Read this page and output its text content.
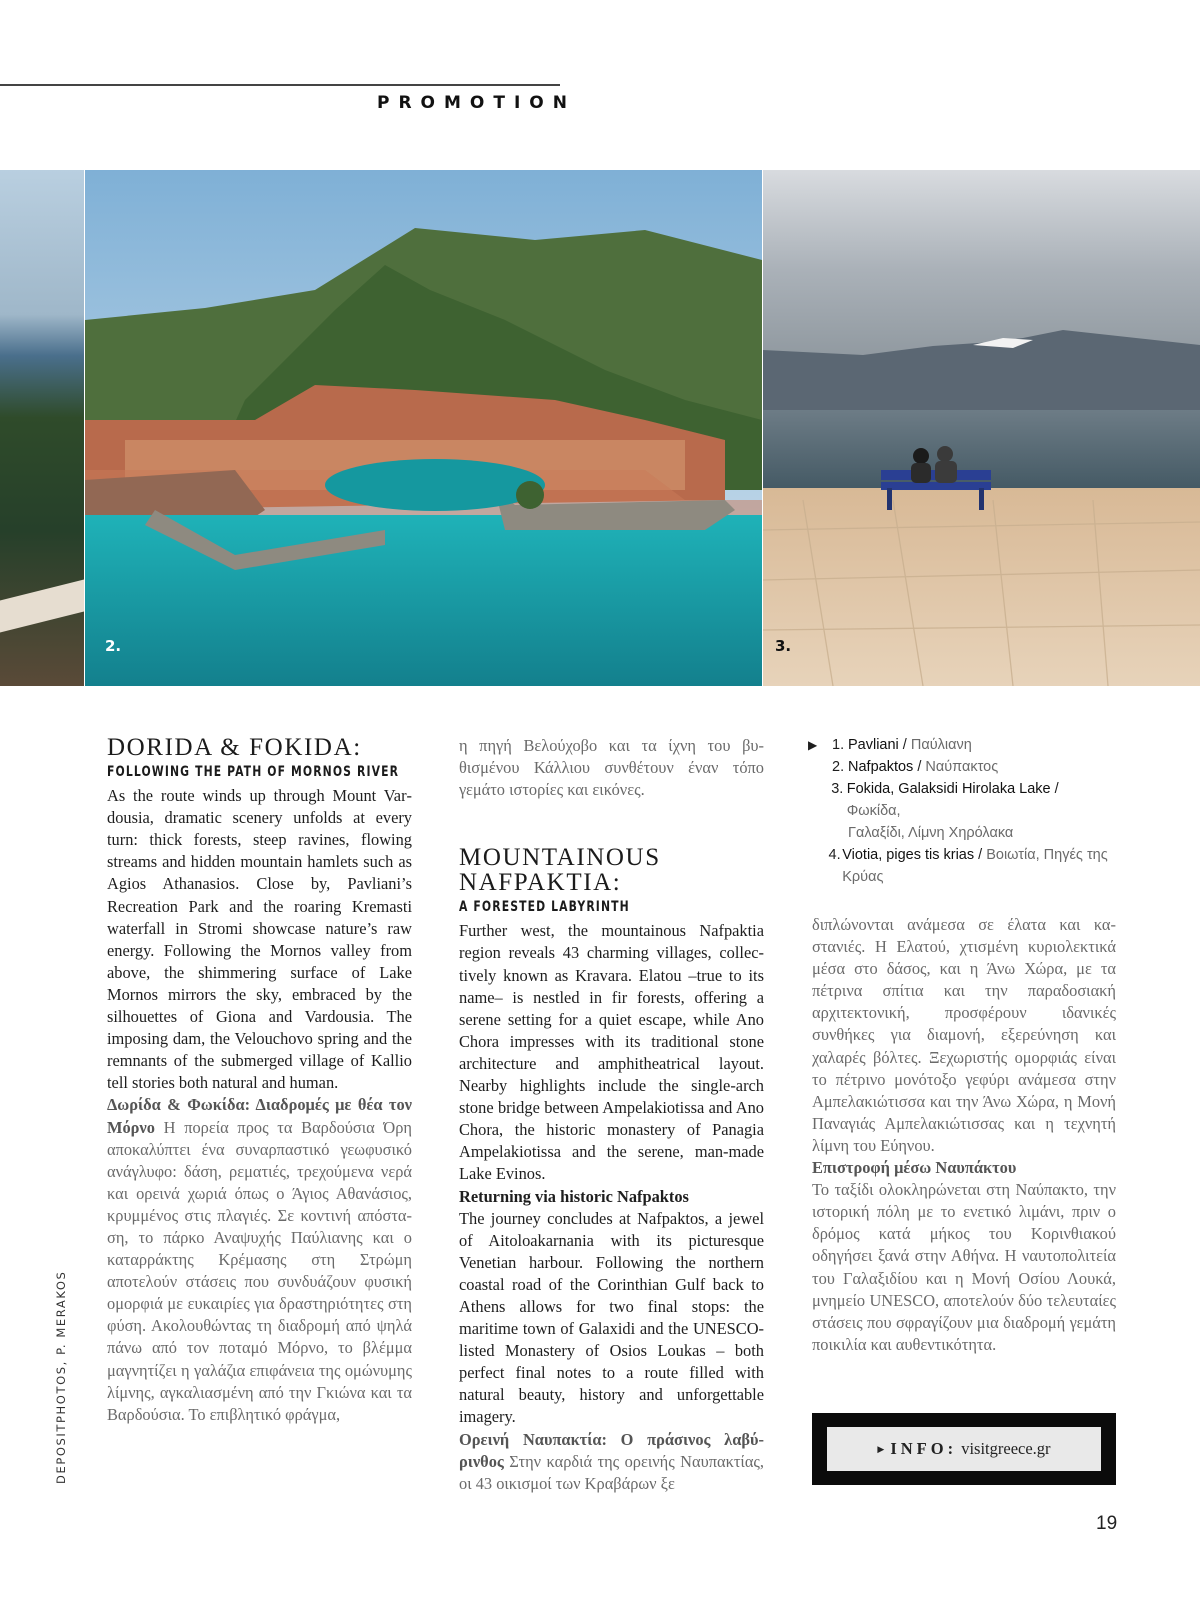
PROMOTION
2.	3.
DORIDA & FOKIDA:
FOLLOWING THE PATH OF MORNOS RIVER

As the route winds up through Mount Vardousia, dramatic scenery unfolds at every turn: thick forests, steep ravines, flowing streams and hidden mountain hamlets such as Agios Athanasios. Close by, Pavliani’s Recreation Park and the roaring Kremasti waterfall in Stromi showcase nature’s raw energy. Following the Mornos valley from above, the shimmering surface of Lake Mornos mirrors the sky, embraced by the silhouettes of Giona and Vardousia. The imposing dam, the Velouchovo spring and the remnants of the submerged village of Kallio tell stories both natural and human.

Δωρίδα & Φωκίδα: Διαδρομές με θέα τον Μόρνο Η πορεία προς τα Βαρδούσια Όρη αποκαλύπτει ένα συναρπαστικό γεωφυσικό ανάγλυφο: δάση, ρεματιές, τρεχούμενα νερά και ορεινά χωριά όπως ο Άγιος Αθανάσιος, κρυμμένος στις πλαγιές. Σε κοντινή απόσταση, το πάρκο Αναψυχής Παύλιανης και ο καταρράκτης Κρέμασης στη Στρώμη αποτελούν στάσεις που συνδυάζουν φυσική ομορφιά με ευκαιρίες για δραστηριότητες στη φύση. Ακολουθώντας τη διαδρομή από ψηλά πάνω από τον ποταμό Μόρνο, το βλέμμα μαγνητίζει η γαλάζια επιφάνεια της ομώνυμης λίμνης, αγκαλιασμένη από την Γκιώνα και τα Βαρδούσια. Το επιβλητικό φράγμα,

η πηγή Βελούχοβο και τα ίχνη του βυθισμένου Κάλλιου συνθέτουν έναν τόπο γεμάτο ιστορίες και εικόνες.

MOUNTAINOUS NAFPAKTIA:
A FORESTED LABYRINTH

Further west, the mountainous Nafpaktia region reveals 43 charming villages, collectively known as Kravara. Elatou –true to its name– is nestled in fir forests, offering a serene setting for a quiet escape, while Ano Chora impresses with its traditional stone architecture and amphitheatrical layout. Nearby highlights include the single-arch stone bridge between Ampelakiotissa and Ano Chora, the historic monastery of Panagia Ampelakiotissa and the serene, man-made Lake Evinos.

Returning via historic Nafpaktos

The journey concludes at Nafpaktos, a jewel of Aitoloakarnania with its picturesque Venetian harbour. Following the northern coastal road of the Corinthian Gulf back to Athens allows for two final stops: the maritime town of Galaxidi and the UNESCO-listed Monastery of Osios Loukas – both perfect final notes to a route filled with natural beauty, history and unforgettable imagery.

Ορεινή Ναυπακτία: Ο πράσινος λαβύρινθος Στην καρδιά της ορεινής Ναυπακτίας, οι 43 οικισμοί των Κραβάρων ξε

▶	1. Pavliani / Παύλιανη
2. Nafpaktos / Ναύπακτος
3. Fokida, Galaksidi Hirolaka Lake / Φωκίδα,
Γαλαξίδι, Λίμνη Χηρόλακα
4. Viotia, piges tis krias / Βοιωτία, Πηγές της Κρύας

διπλώνονται ανάμεσα σε έλατα και καστανιές. Η Ελατού, χτισμένη κυριολεκτικά μέσα στο δάσος, και η Άνω Χώρα, με τα πέτρινα σπίτια και την παραδοσιακή αρχιτεκτονική, προσφέρουν ιδανικές συνθήκες για διαμονή, εξερεύνηση και χαλαρές βόλτες. Ξεχωριστής ομορφιάς είναι το πέτρινο μονότοξο γεφύρι ανάμεσα στην Αμπελακιώτισσα και την Άνω Χώρα, η Μονή Παναγιάς Αμπελακιώτισσας και η τεχνητή λίμνη του Εύηνου.

Επιστροφή μέσω Ναυπάκτου

Το ταξίδι ολοκληρώνεται στη Ναύπακτο, την ιστορική πόλη με το ενετικό λιμάνι, πριν ο δρόμος κατά μήκος του Κορινθιακού οδηγήσει ξανά στην Αθήνα. Η ναυτοπολιτεία του Γαλαξιδίου και η Μονή Οσίου Λουκά, μνημείο UNESCO, αποτελούν δύο τελευταίες στάσεις που σφραγίζουν μια διαδρομή γεμάτη ποικιλία και αυθεντικότητα.

▶ INFO:
visitgreece.gr
DEPOSITPHOTOS, P. MERAKOS
19
